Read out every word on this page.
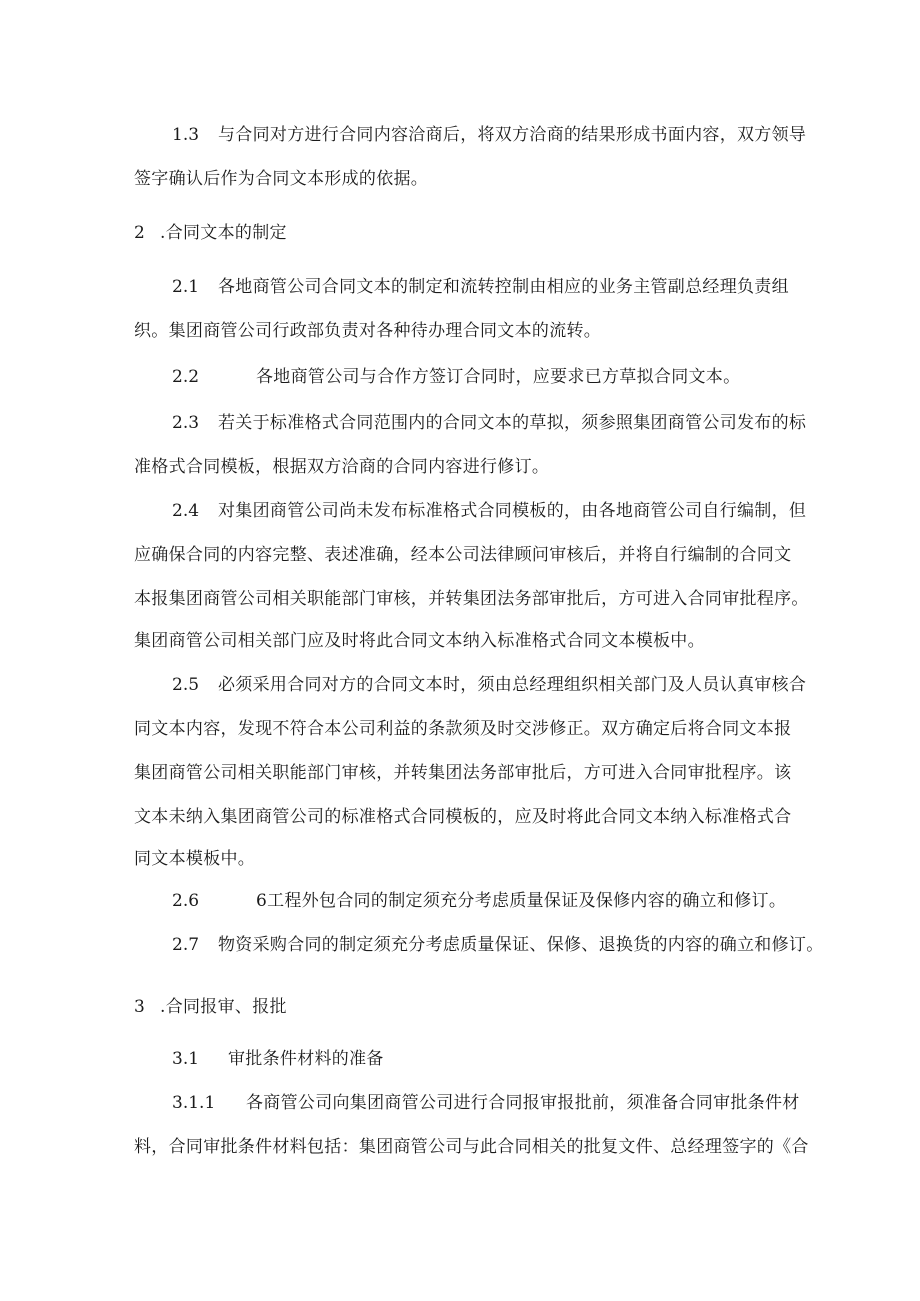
1.3 与合同对方进行合同内容洽商后，将双方洽商的结果形成书面内容，双方领导
签字确认后作为合同文本形成的依据。
2 .合同文本的制定
2.1 各地商管公司合同文本的制定和流转控制由相应的业务主管副总经理负责组
织。集团商管公司行政部负责对各种待办理合同文本的流转。
2.2	各地商管公司与合作方签订合同时，应要求已方草拟合同文本。
2.3 若关于标准格式合同范围内的合同文本的草拟，须参照集团商管公司发布的标
准格式合同模板，根据双方洽商的合同内容进行修订。
2.4 对集团商管公司尚未发布标准格式合同模板的，由各地商管公司自行编制，但
应确保合同的内容完整、表述准确，经本公司法律顾问审核后，并将自行编制的合同文
本报集团商管公司相关职能部门审核，并转集团法务部审批后，方可进入合同审批程序。
集团商管公司相关部门应及时将此合同文本纳入标准格式合同文本模板中。
2.5 必须采用合同对方的合同文本时，须由总经理组织相关部门及人员认真审核合
同文本内容，发现不符合本公司利益的条款须及时交涉修正。双方确定后将合同文本报
集团商管公司相关职能部门审核，并转集团法务部审批后，方可进入合同审批程序。该
文本未纳入集团商管公司的标准格式合同模板的，应及时将此合同文本纳入标准格式合
同文本模板中。
2.6	6工程外包合同的制定须充分考虑质量保证及保修内容的确立和修订。
2.7 物资采购合同的制定须充分考虑质量保证、保修、退换货的内容的确立和修订。
3 .合同报审、报批
3.1 审批条件材料的准备
3.1.1 各商管公司向集团商管公司进行合同报审报批前，须准备合同审批条件材
料，合同审批条件材料包括：集团商管公司与此合同相关的批复文件、总经理签字的《合
